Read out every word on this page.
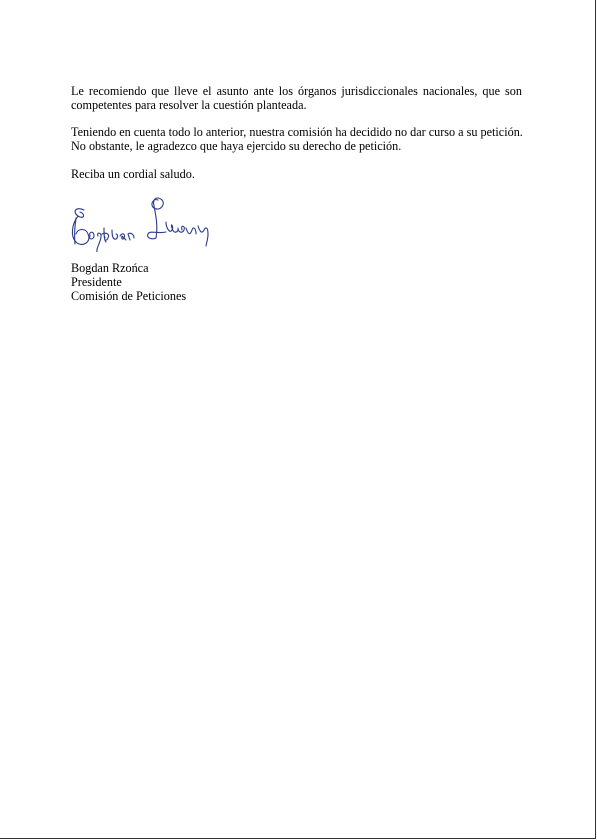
Le recomiendo que lleve el asunto ante los órganos jurisdiccionales nacionales, que son
competentes para resolver la cuestión planteada.
Teniendo en cuenta todo lo anterior, nuestra comisión ha decidido no dar curso a su petición.
No obstante, le agradezco que haya ejercido su derecho de petición.
Reciba un cordial saludo.
Bogdan Rzońca
Presidente
Comisión de Peticiones
